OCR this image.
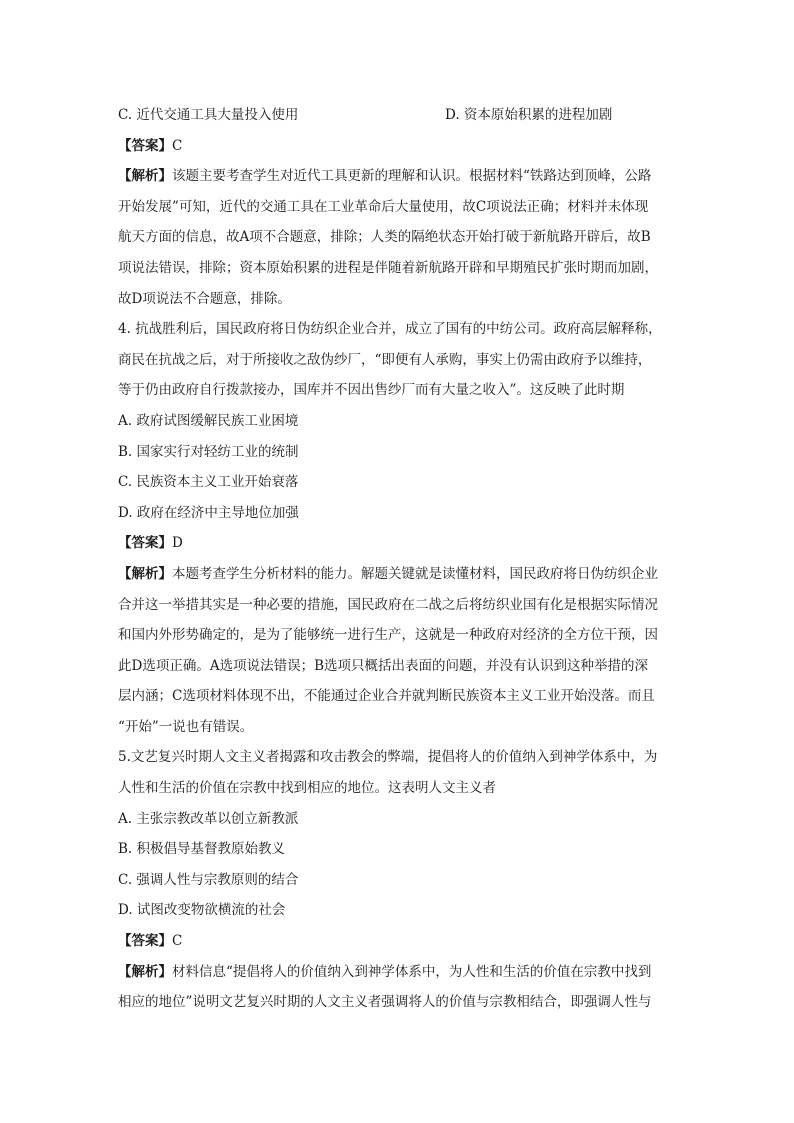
C. 近代交通工具大量投入使用	D. 资本原始积累的进程加剧
【答案】C
【解析】该题主要考查学生对近代工具更新的理解和认识。根据材料“铁路达到顶峰，公路
开始发展”可知，近代的交通工具在工业革命后大量使用，故C项说法正确；材料并未体现
航天方面的信息，故A项不合题意，排除；人类的隔绝状态开始打破于新航路开辟后，故B
项说法错误，排除；资本原始积累的进程是伴随着新航路开辟和早期殖民扩张时期而加剧，
故D项说法不合题意，排除。
4. 抗战胜利后，国民政府将日伪纺织企业合并，成立了国有的中纺公司。政府高层解释称，
商民在抗战之后，对于所接收之敌伪纱厂，“即便有人承购，事实上仍需由政府予以维持，
等于仍由政府自行拨款接办，国库并不因出售纱厂而有大量之收入”。这反映了此时期
A. 政府试图缓解民族工业困境
B. 国家实行对轻纺工业的统制
C. 民族资本主义工业开始衰落
D. 政府在经济中主导地位加强
【答案】D
【解析】本题考查学生分析材料的能力。解题关键就是读懂材料，国民政府将日伪纺织企业
合并这一举措其实是一种必要的措施，国民政府在二战之后将纺织业国有化是根据实际情况
和国内外形势确定的，是为了能够统一进行生产，这就是一种政府对经济的全方位干预，因
此D选项正确。A选项说法错误；B选项只概括出表面的问题，并没有认识到这种举措的深
层内涵；C选项材料体现不出，不能通过企业合并就判断民族资本主义工业开始没落。而且
“开始”一说也有错误。
5.文艺复兴时期人文主义者揭露和攻击教会的弊端，提倡将人的价值纳入到神学体系中，为
人性和生活的价值在宗教中找到相应的地位。这表明人文主义者
A. 主张宗教改革以创立新教派
B. 积极倡导基督教原始教义
C. 强调人性与宗教原则的结合
D. 试图改变物欲横流的社会
【答案】C
【解析】材料信息“提倡将人的价值纳入到神学体系中，为人性和生活的价值在宗教中找到
相应的地位”说明文艺复兴时期的人文主义者强调将人的价值与宗教相结合，即强调人性与
